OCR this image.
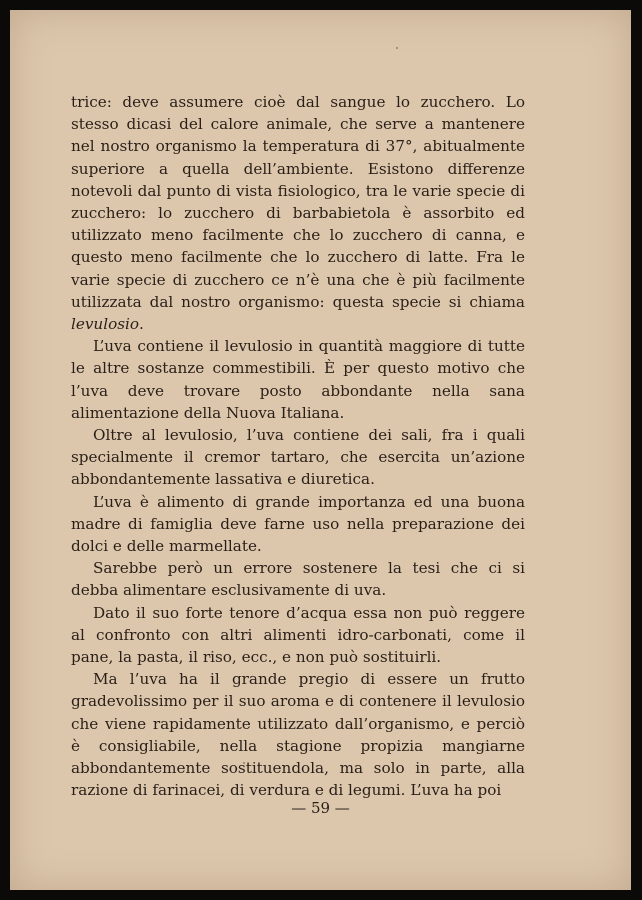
trice: deve assumere cioè dal sangue lo zucchero. Lo stesso dicasi del calore animale, che serve a mantenere nel nostro organismo la temperatura di 37°, abitualmente superiore a quella dell’ambiente. Esistono differenze notevoli dal punto di vista fisiologico, tra le varie specie di zucchero: lo zucchero di barbabietola è assorbito ed utilizzato meno facilmente che lo zucchero di canna, e questo meno facilmente che lo zucchero di latte. Fra le varie specie di zucchero ce n’è una che è più facilmente utilizzata dal nostro organismo: questa specie si chiama levulosio.

L’uva contiene il levulosio in quantità maggiore di tutte le altre sostanze commestibili. È per questo motivo che l’uva deve trovare posto abbondante nella sana alimentazione della Nuova Italiana.

Oltre al levulosio, l’uva contiene dei sali, fra i quali specialmente il cremor tartaro, che esercita un’azione abbondantemente lassativa e diuretica.

L’uva è alimento di grande importanza ed una buona madre di famiglia deve farne uso nella preparazione dei dolci e delle marmellate.

Sarebbe però un errore sostenere la tesi che ci si debba alimentare esclusivamente di uva.

Dato il suo forte tenore d’acqua essa non può reggere al confronto con altri alimenti idro-carbonati, come il pane, la pasta, il riso, ecc., e non può sostituirli.

Ma l’uva ha il grande pregio di essere un frutto gradevolissimo per il suo aroma e di contenere il levulosio che viene rapidamente utilizzato dall’organismo, e perciò è consigliabile, nella stagione propizia mangiarne abbondantemente sostituendola, ma solo in parte, alla razione di farinacei, di verdura e di legumi. L’uva ha poi

— 59 —
